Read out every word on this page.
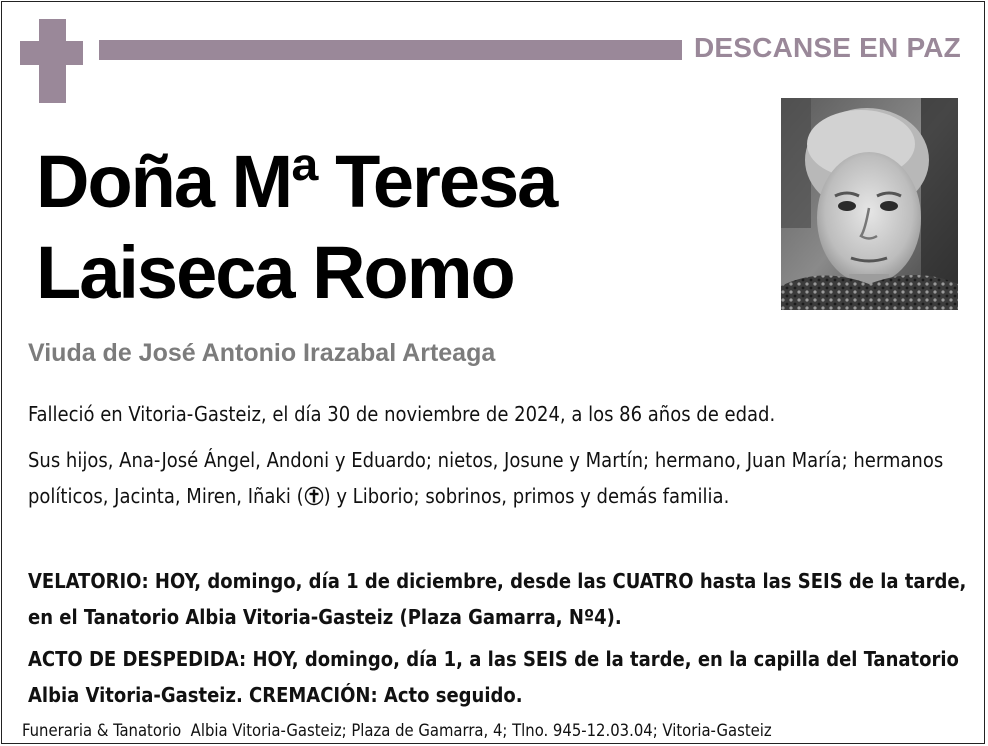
DESCANSE EN PAZ
Doña Mª Teresa
Laiseca Romo
Viuda de José Antonio Irazabal Arteaga

Falleció en Vitoria-Gasteiz, el día 30 de noviembre de 2024, a los 86 años de edad.

Sus hijos, Ana-José Ángel, Andoni y Eduardo; nietos, Josune y Martín; hermano, Juan María; hermanos políticos, Jacinta, Miren, Iñaki ( ) y Liborio; sobrinos, primos y demás familia.

VELATORIO: HOY, domingo, día 1 de diciembre, desde las CUATRO hasta las SEIS de la tarde, en el Tanatorio Albia Vitoria-Gasteiz (Plaza Gamarra, Nº4).

ACTO DE DESPEDIDA: HOY, domingo, día 1, a las SEIS de la tarde, en la capilla del Tanatorio Albia Vitoria-Gasteiz. CREMACIÓN: Acto seguido.

Funeraria & Tanatorio  Albia Vitoria-Gasteiz; Plaza de Gamarra, 4; Tlno. 945-12.03.04; Vitoria-Gasteiz
